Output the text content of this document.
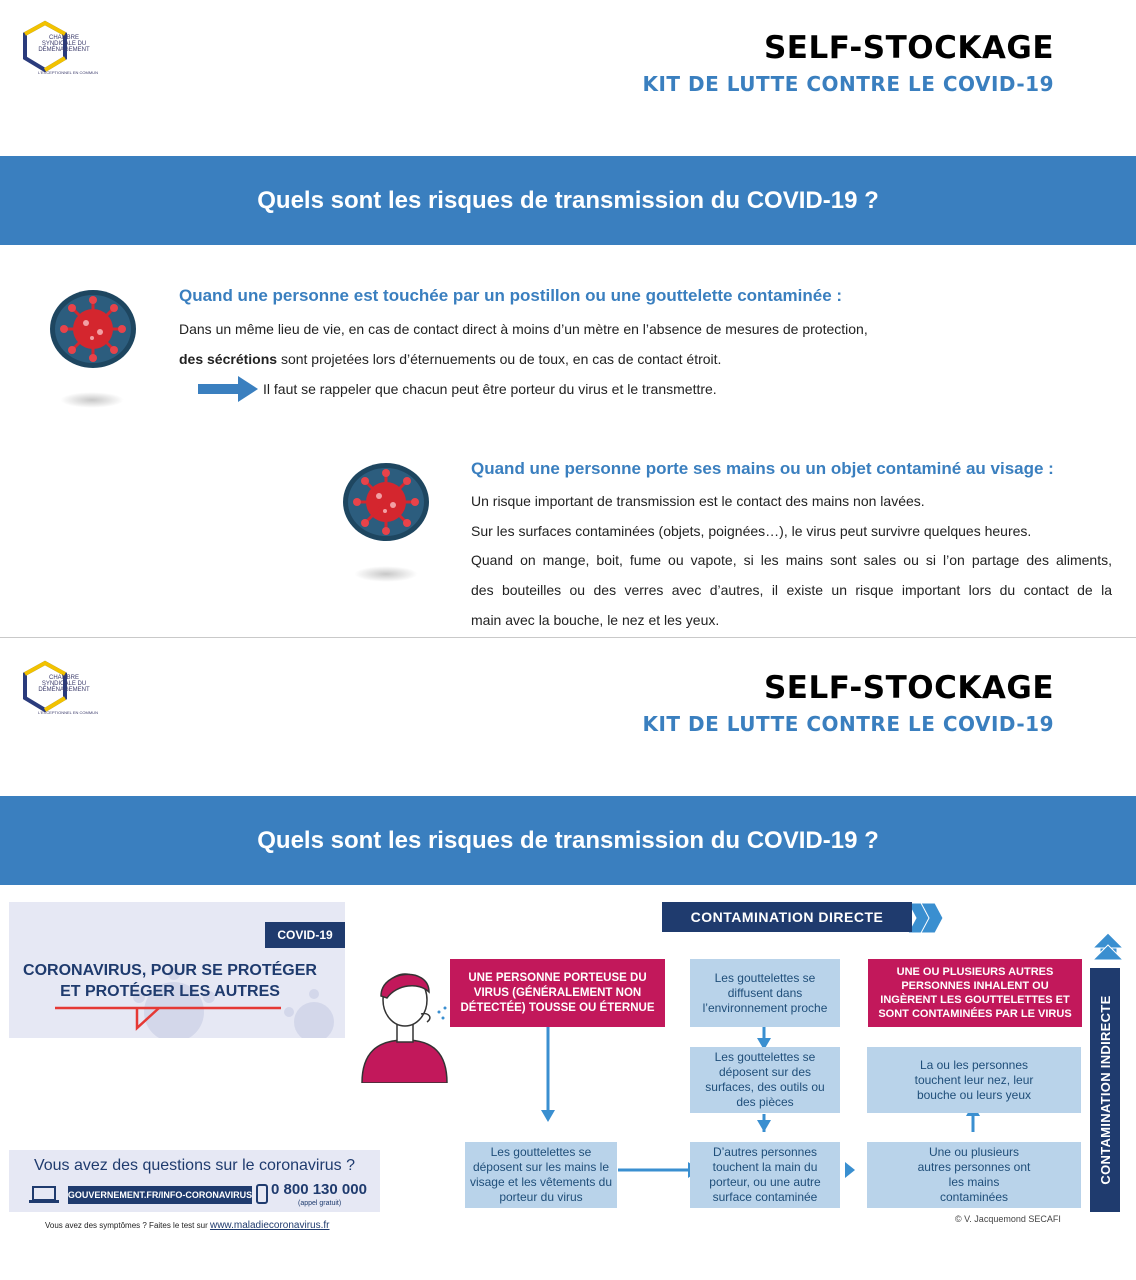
CHAMBRE
SYNDICALE DU
DÉMÉNAGEMENT
L'EXCEPTIONNEL EN COMMUN
SELF-STOCKAGE
KIT DE LUTTE CONTRE LE COVID-19
Quels sont les risques de transmission du COVID-19 ?
Quand une personne est touchée par un postillon ou une gouttelette contaminée :
Dans un même lieu de vie, en cas de contact direct à moins d’un mètre en l’absence de mesures de protection,
des sécrétions sont projetées lors d’éternuements ou de toux, en cas de contact étroit.
Il faut se rappeler que chacun peut être porteur du virus et le transmettre.
Quand une personne porte ses mains ou un objet contaminé au visage :
Un risque important de transmission est le contact des mains non lavées.
Sur les surfaces contaminées (objets, poignées…), le virus peut survivre quelques heures.
Quand on mange, boit, fume ou vapote, si les mains sont sales ou si l’on partage des aliments,
des bouteilles ou des verres avec d’autres, il existe un risque important lors du contact de la
main avec la bouche, le nez et les yeux.
CHAMBRE
SYNDICALE DU
DÉMÉNAGEMENT
L'EXCEPTIONNEL EN COMMUN
SELF-STOCKAGE
KIT DE LUTTE CONTRE LE COVID-19
Quels sont les risques de transmission du COVID-19 ?
COVID-19
CORONAVIRUS, POUR SE PROTÉGER
ET PROTÉGER LES AUTRES
Vous avez des questions sur le coronavirus ?
GOUVERNEMENT.FR/INFO-CORONAVIRUS 0 800 130 000
(appel gratuit)
Vous avez des symptômes ? Faites le test sur www.maladiecoronavirus.fr
CONTAMINATION DIRECTE
CONTAMINATION INDIRECTE
UNE PERSONNE PORTEUSE DU VIRUS (GÉNÉRALEMENT NON DÉTECTÉE) TOUSSE OU ÉTERNUE
Les gouttelettes se diffusent dans l’environnement proche
UNE OU PLUSIEURS AUTRES PERSONNES INHALENT OU INGÈRENT LES GOUTTELETTES ET SONT CONTAMINÉES PAR LE VIRUS
Les gouttelettes se déposent sur des surfaces, des outils ou des pièces
La ou les personnes touchent leur nez, leur bouche ou leurs yeux
Les gouttelettes se déposent sur les mains le visage et les vêtements du porteur du virus
D’autres personnes touchent la main du porteur, ou une autre surface contaminée
Une ou plusieurs autres personnes ont les mains contaminées
© V. Jacquemond SECAFI
